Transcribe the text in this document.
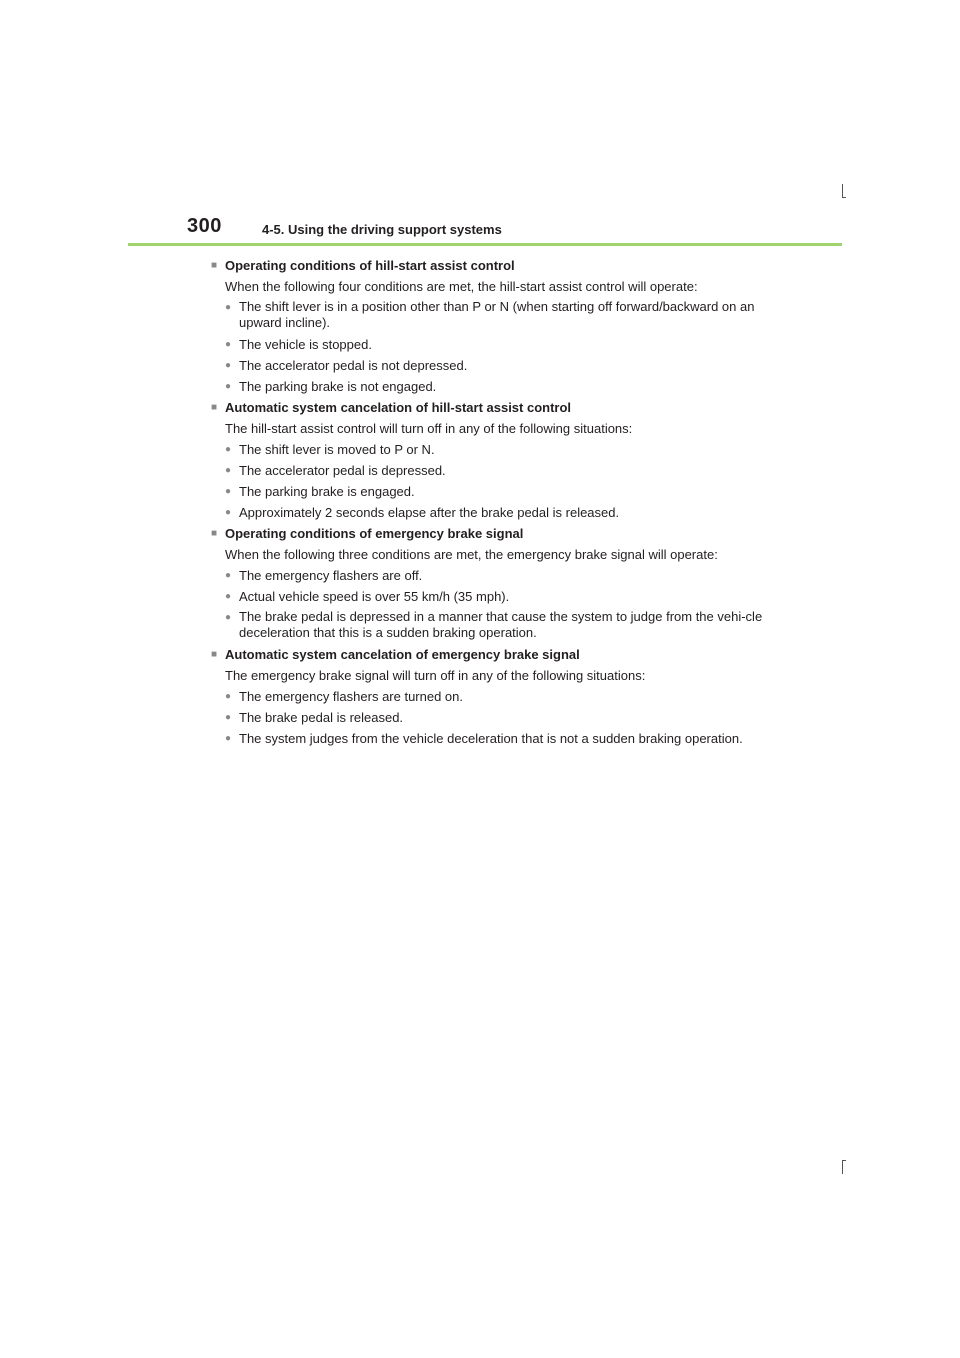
300	4-5. Using the driving support systems
■ Operating conditions of hill-start assist control
When the following four conditions are met, the hill-start assist control will operate:
● The shift lever is in a position other than P or N (when starting off forward/backward on an upward incline).
● The vehicle is stopped.
● The accelerator pedal is not depressed.
● The parking brake is not engaged.
■ Automatic system cancelation of hill-start assist control
The hill-start assist control will turn off in any of the following situations:
● The shift lever is moved to P or N.
● The accelerator pedal is depressed.
● The parking brake is engaged.
● Approximately 2 seconds elapse after the brake pedal is released.
■ Operating conditions of emergency brake signal
When the following three conditions are met, the emergency brake signal will operate:
● The emergency flashers are off.
● Actual vehicle speed is over 55 km/h (35 mph).
● The brake pedal is depressed in a manner that cause the system to judge from the vehi-cle deceleration that this is a sudden braking operation.
■ Automatic system cancelation of emergency brake signal
The emergency brake signal will turn off in any of the following situations:
● The emergency flashers are turned on.
● The brake pedal is released.
● The system judges from the vehicle deceleration that is not a sudden braking operation.
